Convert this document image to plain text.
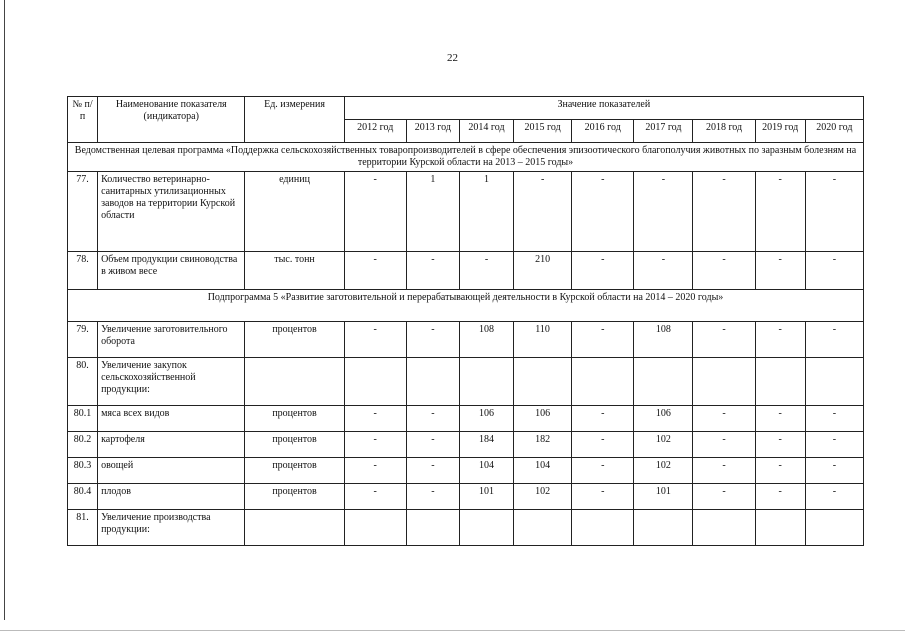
22
№ п/п	Наименование показателя (индикатора)	Ед. измерения	Значение показателей								
			2012 год	2013 год	2014 год	2015 год	2016 год	2017 год	2018 год	2019 год	2020 год
Ведомственная целевая программа «Поддержка сельскохозяйственных товаропроизводителей в сфере обеспечения эпизоотического благополучия животных по заразным болезням на территории Курской области на 2013 – 2015 годы»											
77.	Количество ветеринарно-санитарных утилизационных заводов на территории Курской области	единиц	-	1	1	-	-	-	-	-	-
78.	Объем продукции свиноводства в живом весе	тыс. тонн	-	-	-	210	-	-	-	-	-
Подпрограмма 5 «Развитие заготовительной и перерабатывающей деятельности в Курской области на 2014 – 2020 годы»											
79.	Увеличение заготовительного оборота	процентов	-	-	108	110	-	108	-	-	-
80.	Увеличение закупок сельскохозяйственной продукции:										
80.1	мяса всех видов	процентов	-	-	106	106	-	106	-	-	-
80.2	картофеля	процентов	-	-	184	182	-	102	-	-	-
80.3	овощей	процентов	-	-	104	104	-	102	-	-	-
80.4	плодов	процентов	-	-	101	102	-	101	-	-	-
81.	Увеличение производства продукции:										
